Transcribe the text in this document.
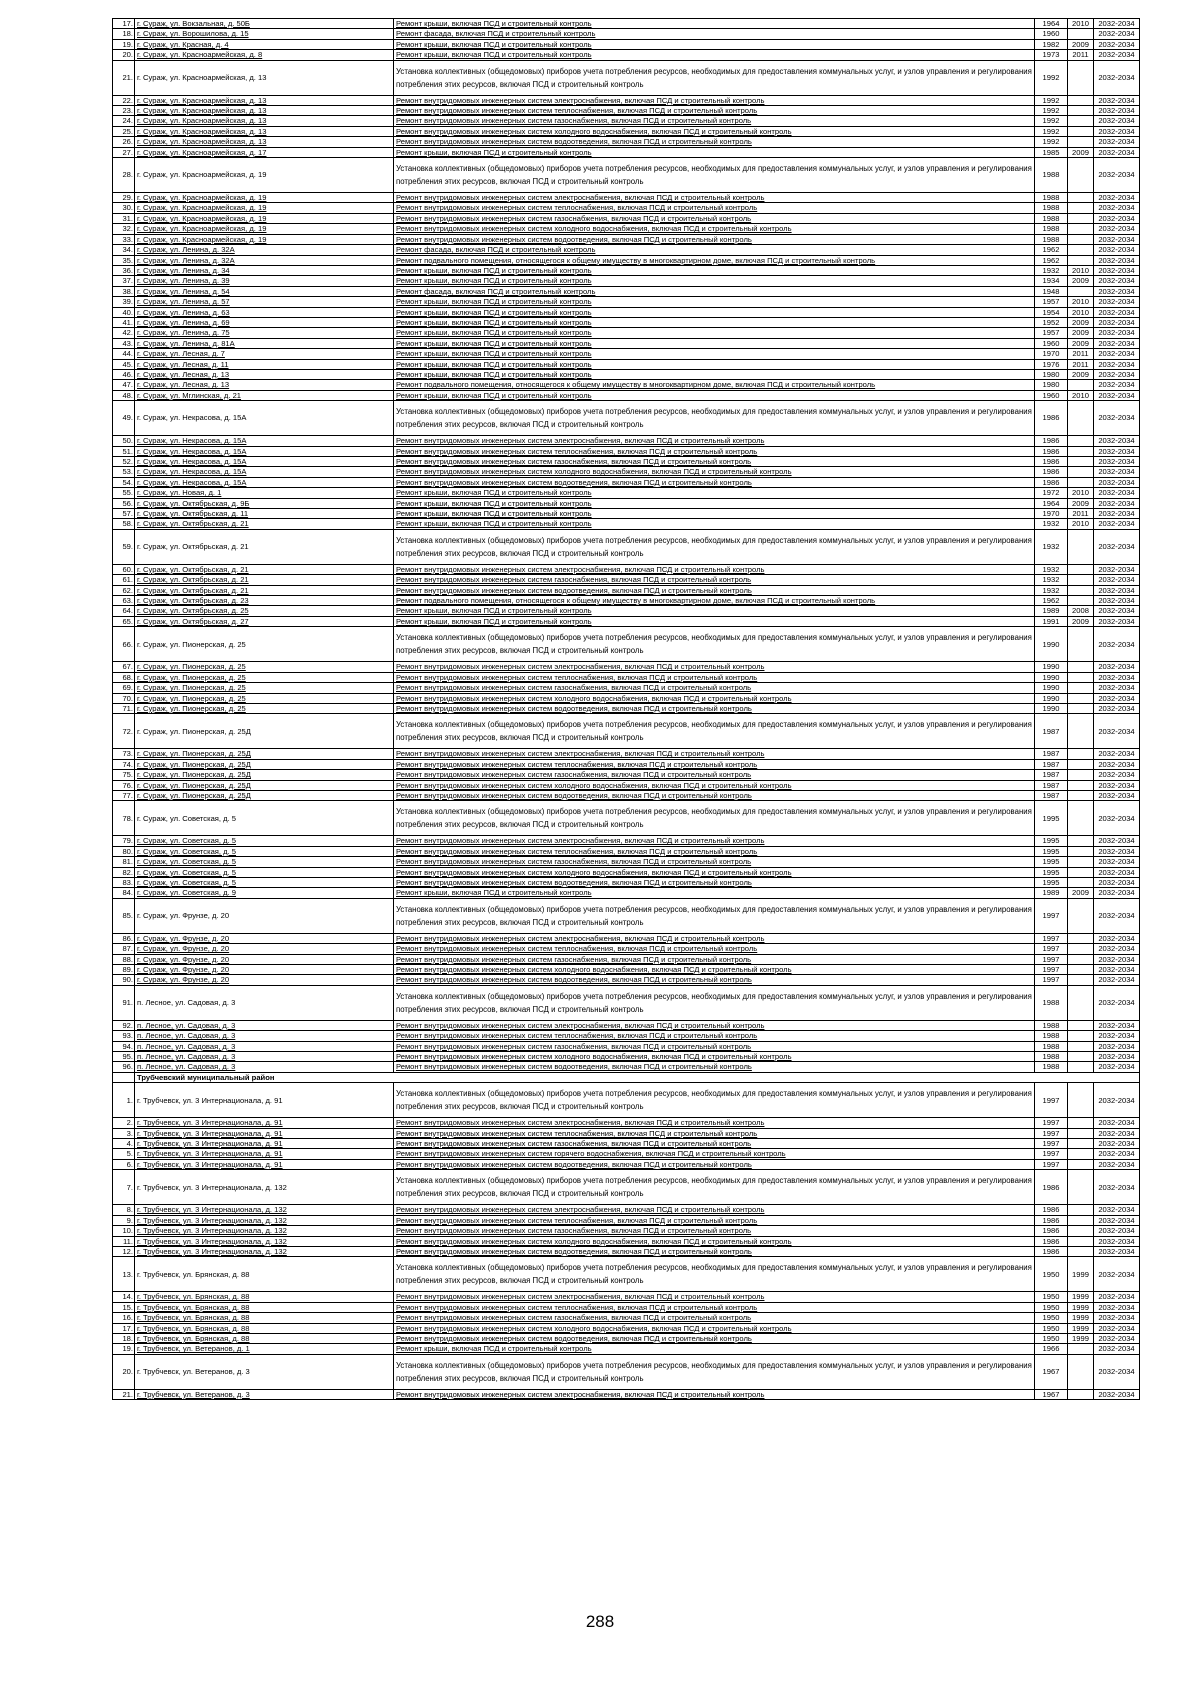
17.	г. Сураж, ул. Вокзальная, д. 50Б	Ремонт крыши, включая ПСД и строительный контроль	1964	2010	2032-2034
18.	г. Сураж, ул. Ворошилова, д. 15	Ремонт фасада, включая ПСД и строительный контроль	1960		2032-2034
19.	г. Сураж, ул. Красная, д. 4	Ремонт крыши, включая ПСД и строительный контроль	1982	2009	2032-2034
20.	г. Сураж, ул. Красноармейская, д. 8	Ремонт крыши, включая ПСД и строительный контроль	1973	2011	2032-2034
21.	г. Сураж, ул. Красноармейская, д. 13	Установка коллективных (общедомовых) приборов учета потребления ресурсов, необходимых для предоставления коммунальных услуг, и узлов управления и регулирования потребления этих ресурсов, включая ПСД и строительный контроль	1992		2032-2034
22.	г. Сураж, ул. Красноармейская, д. 13	Ремонт внутридомовых инженерных систем электроснабжения, включая ПСД и строительный контроль	1992		2032-2034
23.	г. Сураж, ул. Красноармейская, д. 13	Ремонт внутридомовых инженерных систем теплоснабжения, включая ПСД и строительный контроль	1992		2032-2034
24.	г. Сураж, ул. Красноармейская, д. 13	Ремонт внутридомовых инженерных систем газоснабжения, включая ПСД и строительный контроль	1992		2032-2034
25.	г. Сураж, ул. Красноармейская, д. 13	Ремонт внутридомовых инженерных систем холодного водоснабжения, включая ПСД и строительный контроль	1992		2032-2034
26.	г. Сураж, ул. Красноармейская, д. 13	Ремонт внутридомовых инженерных систем водоотведения, включая ПСД и строительный контроль	1992		2032-2034
27.	г. Сураж, ул. Красноармейская, д. 17	Ремонт крыши, включая ПСД и строительный контроль	1985	2009	2032-2034
28.	г. Сураж, ул. Красноармейская, д. 19	Установка коллективных (общедомовых) приборов учета потребления ресурсов, необходимых для предоставления коммунальных услуг, и узлов управления и регулирования потребления этих ресурсов, включая ПСД и строительный контроль	1988		2032-2034
29.	г. Сураж, ул. Красноармейская, д. 19	Ремонт внутридомовых инженерных систем электроснабжения, включая ПСД и строительный контроль	1988		2032-2034
30.	г. Сураж, ул. Красноармейская, д. 19	Ремонт внутридомовых инженерных систем теплоснабжения, включая ПСД и строительный контроль	1988		2032-2034
31.	г. Сураж, ул. Красноармейская, д. 19	Ремонт внутридомовых инженерных систем газоснабжения, включая ПСД и строительный контроль	1988		2032-2034
32.	г. Сураж, ул. Красноармейская, д. 19	Ремонт внутридомовых инженерных систем холодного водоснабжения, включая ПСД и строительный контроль	1988		2032-2034
33.	г. Сураж, ул. Красноармейская, д. 19	Ремонт внутридомовых инженерных систем водоотведения, включая ПСД и строительный контроль	1988		2032-2034
34.	г. Сураж, ул. Ленина, д. 32А	Ремонт фасада, включая ПСД и строительный контроль	1962		2032-2034
35.	г. Сураж, ул. Ленина, д. 32А	Ремонт подвального помещения, относящегося к общему имуществу в многоквартирном доме, включая ПСД и строительный контроль	1962		2032-2034
36.	г. Сураж, ул. Ленина, д. 34	Ремонт крыши, включая ПСД и строительный контроль	1932	2010	2032-2034
37.	г. Сураж, ул. Ленина, д. 39	Ремонт крыши, включая ПСД и строительный контроль	1934	2009	2032-2034
38.	г. Сураж, ул. Ленина, д. 54	Ремонт фасада, включая ПСД и строительный контроль	1948		2032-2034
39.	г. Сураж, ул. Ленина, д. 57	Ремонт крыши, включая ПСД и строительный контроль	1957	2010	2032-2034
40.	г. Сураж, ул. Ленина, д. 63	Ремонт крыши, включая ПСД и строительный контроль	1954	2010	2032-2034
41.	г. Сураж, ул. Ленина, д. 69	Ремонт крыши, включая ПСД и строительный контроль	1952	2009	2032-2034
42.	г. Сураж, ул. Ленина, д. 75	Ремонт крыши, включая ПСД и строительный контроль	1957	2009	2032-2034
43.	г. Сураж, ул. Ленина, д. 81А	Ремонт крыши, включая ПСД и строительный контроль	1960	2009	2032-2034
44.	г. Сураж, ул. Лесная, д. 7	Ремонт крыши, включая ПСД и строительный контроль	1970	2011	2032-2034
45.	г. Сураж, ул. Лесная, д. 11	Ремонт крыши, включая ПСД и строительный контроль	1976	2011	2032-2034
46.	г. Сураж, ул. Лесная, д. 13	Ремонт крыши, включая ПСД и строительный контроль	1980	2009	2032-2034
47.	г. Сураж, ул. Лесная, д. 13	Ремонт подвального помещения, относящегося к общему имуществу в многоквартирном доме, включая ПСД и строительный контроль	1980		2032-2034
48.	г. Сураж, ул. Мглинская, д. 21	Ремонт крыши, включая ПСД и строительный контроль	1960	2010	2032-2034
49.	г. Сураж, ул. Некрасова, д. 15А	Установка коллективных (общедомовых) приборов учета потребления ресурсов, необходимых для предоставления коммунальных услуг, и узлов управления и регулирования потребления этих ресурсов, включая ПСД и строительный контроль	1986		2032-2034
50.	г. Сураж, ул. Некрасова, д. 15А	Ремонт внутридомовых инженерных систем электроснабжения, включая ПСД и строительный контроль	1986		2032-2034
51.	г. Сураж, ул. Некрасова, д. 15А	Ремонт внутридомовых инженерных систем теплоснабжения, включая ПСД и строительный контроль	1986		2032-2034
52.	г. Сураж, ул. Некрасова, д. 15А	Ремонт внутридомовых инженерных систем газоснабжения, включая ПСД и строительный контроль	1986		2032-2034
53.	г. Сураж, ул. Некрасова, д. 15А	Ремонт внутридомовых инженерных систем холодного водоснабжения, включая ПСД и строительный контроль	1986		2032-2034
54.	г. Сураж, ул. Некрасова, д. 15А	Ремонт внутридомовых инженерных систем водоотведения, включая ПСД и строительный контроль	1986		2032-2034
55.	г. Сураж, ул. Новая, д. 1	Ремонт крыши, включая ПСД и строительный контроль	1972	2010	2032-2034
56.	г. Сураж, ул. Октябрьская, д. 9Б	Ремонт крыши, включая ПСД и строительный контроль	1964	2009	2032-2034
57.	г. Сураж, ул. Октябрьская, д. 11	Ремонт крыши, включая ПСД и строительный контроль	1970	2011	2032-2034
58.	г. Сураж, ул. Октябрьская, д. 21	Ремонт крыши, включая ПСД и строительный контроль	1932	2010	2032-2034
59.	г. Сураж, ул. Октябрьская, д. 21	Установка коллективных (общедомовых) приборов учета потребления ресурсов, необходимых для предоставления коммунальных услуг, и узлов управления и регулирования потребления этих ресурсов, включая ПСД и строительный контроль	1932		2032-2034
60.	г. Сураж, ул. Октябрьская, д. 21	Ремонт внутридомовых инженерных систем электроснабжения, включая ПСД и строительный контроль	1932		2032-2034
61.	г. Сураж, ул. Октябрьская, д. 21	Ремонт внутридомовых инженерных систем газоснабжения, включая ПСД и строительный контроль	1932		2032-2034
62.	г. Сураж, ул. Октябрьская, д. 21	Ремонт внутридомовых инженерных систем водоотведения, включая ПСД и строительный контроль	1932		2032-2034
63.	г. Сураж, ул. Октябрьская, д. 23	Ремонт подвального помещения, относящегося к общему имуществу в многоквартирном доме, включая ПСД и строительный контроль	1962		2032-2034
64.	г. Сураж, ул. Октябрьская, д. 25	Ремонт крыши, включая ПСД и строительный контроль	1989	2008	2032-2034
65.	г. Сураж, ул. Октябрьская, д. 27	Ремонт крыши, включая ПСД и строительный контроль	1991	2009	2032-2034
66.	г. Сураж, ул. Пионерская, д. 25	Установка коллективных (общедомовых) приборов учета потребления ресурсов, необходимых для предоставления коммунальных услуг, и узлов управления и регулирования потребления этих ресурсов, включая ПСД и строительный контроль	1990		2032-2034
67.	г. Сураж, ул. Пионерская, д. 25	Ремонт внутридомовых инженерных систем электроснабжения, включая ПСД и строительный контроль	1990		2032-2034
68.	г. Сураж, ул. Пионерская, д. 25	Ремонт внутридомовых инженерных систем теплоснабжения, включая ПСД и строительный контроль	1990		2032-2034
69.	г. Сураж, ул. Пионерская, д. 25	Ремонт внутридомовых инженерных систем газоснабжения, включая ПСД и строительный контроль	1990		2032-2034
70.	г. Сураж, ул. Пионерская, д. 25	Ремонт внутридомовых инженерных систем холодного водоснабжения, включая ПСД и строительный контроль	1990		2032-2034
71.	г. Сураж, ул. Пионерская, д. 25	Ремонт внутридомовых инженерных систем водоотведения, включая ПСД и строительный контроль	1990		2032-2034
72.	г. Сураж, ул. Пионерская, д. 25Д	Установка коллективных (общедомовых) приборов учета потребления ресурсов, необходимых для предоставления коммунальных услуг, и узлов управления и регулирования потребления этих ресурсов, включая ПСД и строительный контроль	1987		2032-2034
73.	г. Сураж, ул. Пионерская, д. 25Д	Ремонт внутридомовых инженерных систем электроснабжения, включая ПСД и строительный контроль	1987		2032-2034
74.	г. Сураж, ул. Пионерская, д. 25Д	Ремонт внутридомовых инженерных систем теплоснабжения, включая ПСД и строительный контроль	1987		2032-2034
75.	г. Сураж, ул. Пионерская, д. 25Д	Ремонт внутридомовых инженерных систем газоснабжения, включая ПСД и строительный контроль	1987		2032-2034
76.	г. Сураж, ул. Пионерская, д. 25Д	Ремонт внутридомовых инженерных систем холодного водоснабжения, включая ПСД и строительный контроль	1987		2032-2034
77.	г. Сураж, ул. Пионерская, д. 25Д	Ремонт внутридомовых инженерных систем водоотведения, включая ПСД и строительный контроль	1987		2032-2034
78.	г. Сураж, ул. Советская, д. 5	Установка коллективных (общедомовых) приборов учета потребления ресурсов, необходимых для предоставления коммунальных услуг, и узлов управления и регулирования потребления этих ресурсов, включая ПСД и строительный контроль	1995		2032-2034
79.	г. Сураж, ул. Советская, д. 5	Ремонт внутридомовых инженерных систем электроснабжения, включая ПСД и строительный контроль	1995		2032-2034
80.	г. Сураж, ул. Советская, д. 5	Ремонт внутридомовых инженерных систем теплоснабжения, включая ПСД и строительный контроль	1995		2032-2034
81.	г. Сураж, ул. Советская, д. 5	Ремонт внутридомовых инженерных систем газоснабжения, включая ПСД и строительный контроль	1995		2032-2034
82.	г. Сураж, ул. Советская, д. 5	Ремонт внутридомовых инженерных систем холодного водоснабжения, включая ПСД и строительный контроль	1995		2032-2034
83.	г. Сураж, ул. Советская, д. 5	Ремонт внутридомовых инженерных систем водоотведения, включая ПСД и строительный контроль	1995		2032-2034
84.	г. Сураж, ул. Советская, д. 9	Ремонт крыши, включая ПСД и строительный контроль	1989	2009	2032-2034
85.	г. Сураж, ул. Фрунзе, д. 20	Установка коллективных (общедомовых) приборов учета потребления ресурсов, необходимых для предоставления коммунальных услуг, и узлов управления и регулирования потребления этих ресурсов, включая ПСД и строительный контроль	1997		2032-2034
86.	г. Сураж, ул. Фрунзе, д. 20	Ремонт внутридомовых инженерных систем электроснабжения, включая ПСД и строительный контроль	1997		2032-2034
87.	г. Сураж, ул. Фрунзе, д. 20	Ремонт внутридомовых инженерных систем теплоснабжения, включая ПСД и строительный контроль	1997		2032-2034
88.	г. Сураж, ул. Фрунзе, д. 20	Ремонт внутридомовых инженерных систем газоснабжения, включая ПСД и строительный контроль	1997		2032-2034
89.	г. Сураж, ул. Фрунзе, д. 20	Ремонт внутридомовых инженерных систем холодного водоснабжения, включая ПСД и строительный контроль	1997		2032-2034
90.	г. Сураж, ул. Фрунзе, д. 20	Ремонт внутридомовых инженерных систем водоотведения, включая ПСД и строительный контроль	1997		2032-2034
91.	п. Лесное, ул. Садовая, д. 3	Установка коллективных (общедомовых) приборов учета потребления ресурсов, необходимых для предоставления коммунальных услуг, и узлов управления и регулирования потребления этих ресурсов, включая ПСД и строительный контроль	1988		2032-2034
92.	п. Лесное, ул. Садовая, д. 3	Ремонт внутридомовых инженерных систем электроснабжения, включая ПСД и строительный контроль	1988		2032-2034
93.	п. Лесное, ул. Садовая, д. 3	Ремонт внутридомовых инженерных систем теплоснабжения, включая ПСД и строительный контроль	1988		2032-2034
94.	п. Лесное, ул. Садовая, д. 3	Ремонт внутридомовых инженерных систем газоснабжения, включая ПСД и строительный контроль	1988		2032-2034
95.	п. Лесное, ул. Садовая, д. 3	Ремонт внутридомовых инженерных систем холодного водоснабжения, включая ПСД и строительный контроль	1988		2032-2034
96.	п. Лесное, ул. Садовая, д. 3	Ремонт внутридомовых инженерных систем водоотведения, включая ПСД и строительный контроль	1988		2032-2034
	Трубчевский муниципальный район				
1.	г. Трубчевск, ул. 3 Интернационала, д. 91	Установка коллективных (общедомовых) приборов учета потребления ресурсов, необходимых для предоставления коммунальных услуг, и узлов управления и регулирования потребления этих ресурсов, включая ПСД и строительный контроль	1997		2032-2034
2.	г. Трубчевск, ул. 3 Интернационала, д. 91	Ремонт внутридомовых инженерных систем электроснабжения, включая ПСД и строительный контроль	1997		2032-2034
3.	г. Трубчевск, ул. 3 Интернационала, д. 91	Ремонт внутридомовых инженерных систем теплоснабжения, включая ПСД и строительный контроль	1997		2032-2034
4.	г. Трубчевск, ул. 3 Интернационала, д. 91	Ремонт внутридомовых инженерных систем газоснабжения, включая ПСД и строительный контроль	1997		2032-2034
5.	г. Трубчевск, ул. 3 Интернационала, д. 91	Ремонт внутридомовых инженерных систем горячего водоснабжения, включая ПСД и строительный контроль	1997		2032-2034
6.	г. Трубчевск, ул. 3 Интернационала, д. 91	Ремонт внутридомовых инженерных систем водоотведения, включая ПСД и строительный контроль	1997		2032-2034
7.	г. Трубчевск, ул. 3 Интернационала, д. 132	Установка коллективных (общедомовых) приборов учета потребления ресурсов, необходимых для предоставления коммунальных услуг, и узлов управления и регулирования потребления этих ресурсов, включая ПСД и строительный контроль	1986		2032-2034
8.	г. Трубчевск, ул. 3 Интернационала, д. 132	Ремонт внутридомовых инженерных систем электроснабжения, включая ПСД и строительный контроль	1986		2032-2034
9.	г. Трубчевск, ул. 3 Интернационала, д. 132	Ремонт внутридомовых инженерных систем теплоснабжения, включая ПСД и строительный контроль	1986		2032-2034
10.	г. Трубчевск, ул. 3 Интернационала, д. 132	Ремонт внутридомовых инженерных систем газоснабжения, включая ПСД и строительный контроль	1986		2032-2034
11.	г. Трубчевск, ул. 3 Интернационала, д. 132	Ремонт внутридомовых инженерных систем холодного водоснабжения, включая ПСД и строительный контроль	1986		2032-2034
12.	г. Трубчевск, ул. 3 Интернационала, д. 132	Ремонт внутридомовых инженерных систем водоотведения, включая ПСД и строительный контроль	1986		2032-2034
13.	г. Трубчевск, ул. Брянская, д. 88	Установка коллективных (общедомовых) приборов учета потребления ресурсов, необходимых для предоставления коммунальных услуг, и узлов управления и регулирования потребления этих ресурсов, включая ПСД и строительный контроль	1950	1999	2032-2034
14.	г. Трубчевск, ул. Брянская, д. 88	Ремонт внутридомовых инженерных систем электроснабжения, включая ПСД и строительный контроль	1950	1999	2032-2034
15.	г. Трубчевск, ул. Брянская, д. 88	Ремонт внутридомовых инженерных систем теплоснабжения, включая ПСД и строительный контроль	1950	1999	2032-2034
16.	г. Трубчевск, ул. Брянская, д. 88	Ремонт внутридомовых инженерных систем газоснабжения, включая ПСД и строительный контроль	1950	1999	2032-2034
17.	г. Трубчевск, ул. Брянская, д. 88	Ремонт внутридомовых инженерных систем холодного водоснабжения, включая ПСД и строительный контроль	1950	1999	2032-2034
18.	г. Трубчевск, ул. Брянская, д. 88	Ремонт внутридомовых инженерных систем водоотведения, включая ПСД и строительный контроль	1950	1999	2032-2034
19.	г. Трубчевск, ул. Ветеранов, д. 1	Ремонт крыши, включая ПСД и строительный контроль	1966		2032-2034
20.	г. Трубчевск, ул. Ветеранов, д. 3	Установка коллективных (общедомовых) приборов учета потребления ресурсов, необходимых для предоставления коммунальных услуг, и узлов управления и регулирования потребления этих ресурсов, включая ПСД и строительный контроль	1967		2032-2034
21.	г. Трубчевск, ул. Ветеранов, д. 3	Ремонт внутридомовых инженерных систем электроснабжения, включая ПСД и строительный контроль	1967		2032-2034
288
